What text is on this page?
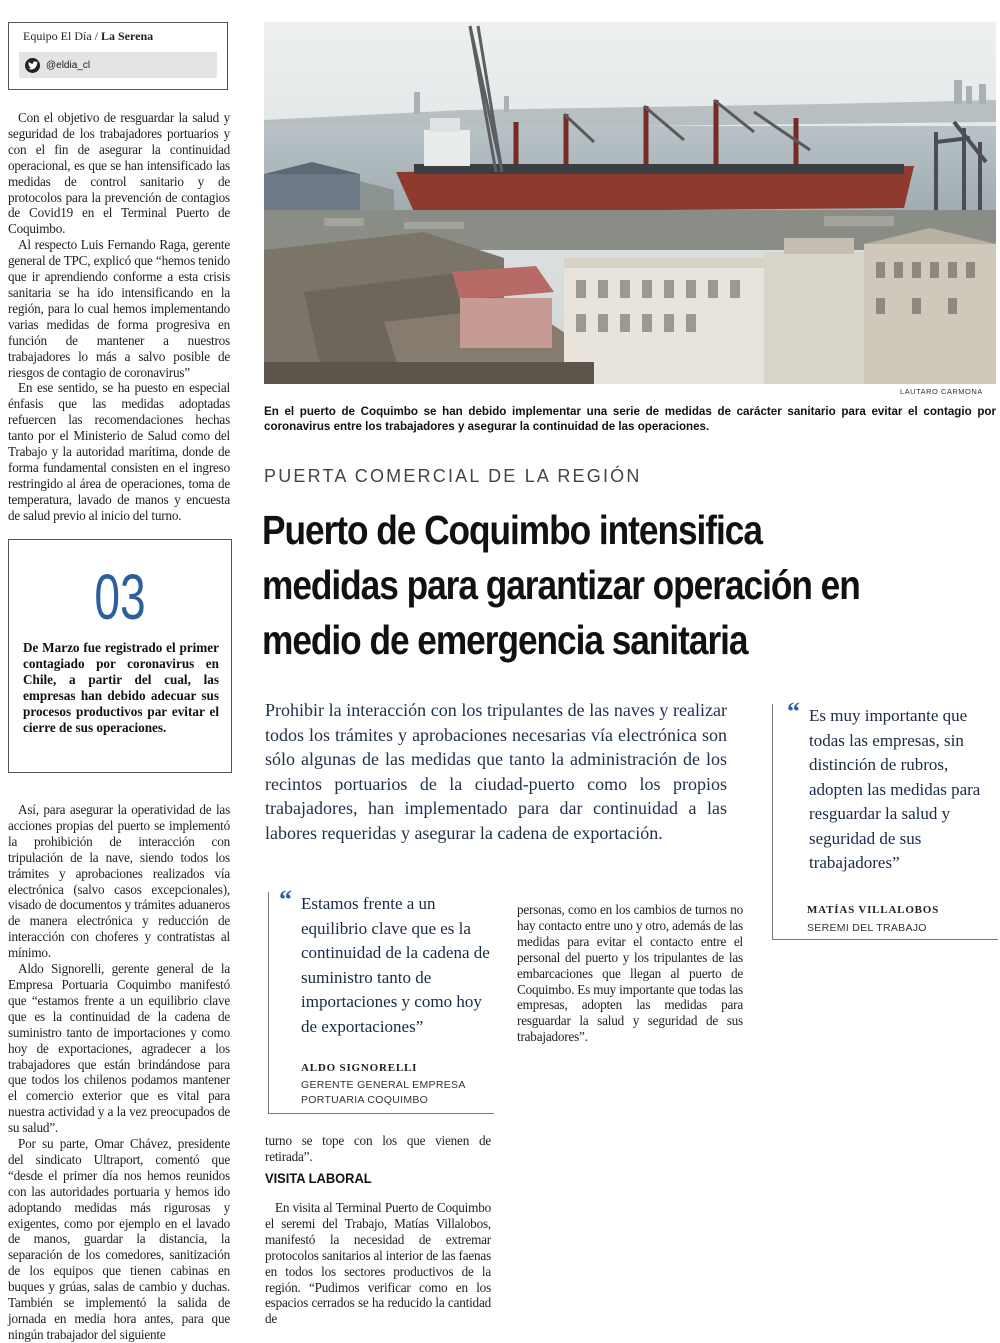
Equipo El Día / La Serena
@eldia_cl

Con el objetivo de resguardar la salud y seguridad de los trabajadores portuarios y con el fin de asegurar la continuidad operacional, es que se han intensificado las medidas de control sanitario y de protocolos para la prevención de contagios de Covid19 en el Terminal Puerto de Coquimbo.

Al respecto Luis Fernando Raga, gerente general de TPC, explicó que “hemos tenido que ir aprendiendo conforme a esta crisis sanitaria se ha ido intensificando en la región, para lo cual hemos implementando varias medidas de forma progresiva en función de mantener a nuestros trabajadores lo más a salvo posible de riesgos de contagio de coronavirus”

En ese sentido, se ha puesto en especial énfasis que las medidas adoptadas refuercen las recomendaciones hechas tanto por el Ministerio de Salud como del Trabajo y la autoridad marítima, donde de forma fundamental consisten en el ingreso restringido al área de operaciones, toma de temperatura, lavado de manos y encuesta de salud previo al inicio del turno.

03
De Marzo fue registrado el primer contagiado por coronavirus en Chile, a partir del cual, las empresas han debido adecuar sus procesos productivos par evitar el cierre de sus operaciones.

Así, para asegurar la operatividad de las acciones propias del puerto se implementó la prohibición de interacción con tripulación de la nave, siendo todos los trámites y aprobaciones realizados vía electrónica (salvo casos excepcionales), visado de documentos y trámites aduaneros de manera electrónica y reducción de interacción con choferes y contratistas al mínimo.

Aldo Signorelli, gerente general de la Empresa Portuaria Coquimbo manifestó que “estamos frente a un equilibrio clave que es la continuidad de la cadena de suministro tanto de importaciones y como hoy de exportaciones, agradecer a los trabajadores que están brindándose para que todos los chilenos podamos mantener el comercio exterior que es vital para nuestra actividad y a la vez preocupados de su salud”.

Por su parte, Omar Chávez, presidente del sindicato Ultraport, comentó que “desde el primer día nos hemos reunidos con las autoridades portuaria y hemos ido adoptando medidas más rigurosas y exigentes, como por ejemplo en el lavado de manos, guardar la distancia, la separación de los comedores, sanitización de los equipos que tienen cabinas en buques y grúas, salas de cambio y duchas. También se implementó la salida de jornada en media hora antes, para que ningún trabajador del siguiente

LAUTARO CARMONA
En el puerto de Coquimbo se han debido implementar una serie de medidas de carácter sanitario para evitar el contagio por coronavirus entre los trabajadores y asegurar la continuidad de las operaciones.
PUERTA COMERCIAL DE LA REGIÓN
Puerto de Coquimbo intensifica
medidas para garantizar operación en
medio de emergencia sanitaria
Prohibir la interacción con los tripulantes de las naves y realizar todos los trámites y aprobaciones necesarias vía electrónica son sólo algunas de las medidas que tanto la administración de los recintos portuarios de la ciudad-puerto como los propios trabajadores, han implementado para dar continuidad a las labores requeridas y asegurar la cadena de exportación.
“ Es muy importante que todas las empresas, sin distinción de rubros, adopten las medidas para resguardar la salud y seguridad de sus trabajadores”
MATÍAS VILLALOBOS
SEREMI DEL TRABAJO
“ Estamos frente a un equilibrio clave que es la continuidad de la cadena de suministro tanto de importaciones y como hoy de exportaciones”
ALDO SIGNORELLI
GERENTE GENERAL EMPRESA PORTUARIA COQUIMBO

personas, como en los cambios de turnos no hay contacto entre uno y otro, además de las medidas para evitar el contacto entre el personal del puerto y los tripulantes de las embarcaciones que llegan al puerto de Coquimbo. Es muy importante que todas las empresas, adopten las medidas para resguardar la salud y seguridad de sus trabajadores”.

turno se tope con los que vienen de retirada”.

VISITA LABORAL

En visita al Terminal Puerto de Coquimbo el seremi del Trabajo, Matías Villalobos, manifestó la necesidad de extremar protocolos sanitarios al interior de las faenas en todos los sectores productivos de la región. “Pudimos verificar como en los espacios cerrados se ha reducido la cantidad de
